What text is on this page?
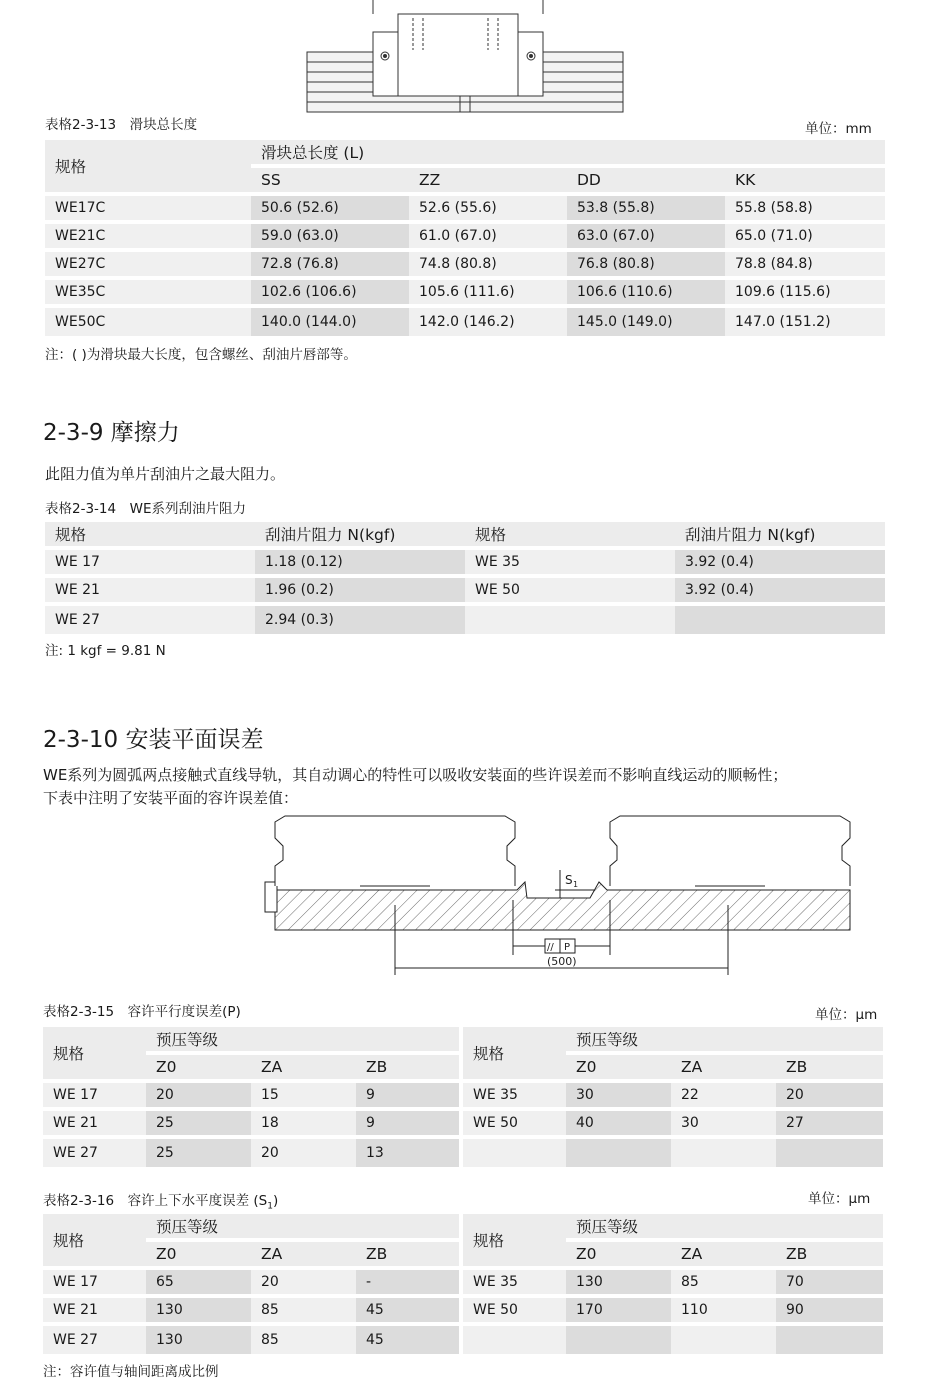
表格2-3-13　滑块总长度	单位：mm
规格	滑块总长度 (L)			
	SS	ZZ	DD	KK
WE17C	50.6 (52.6)	52.6 (55.6)	53.8 (55.8)	55.8 (58.8)
WE21C	59.0 (63.0)	61.0 (67.0)	63.0 (67.0)	65.0 (71.0)
WE27C	72.8 (76.8)	74.8 (80.8)	76.8 (80.8)	78.8 (84.8)
WE35C	102.6 (106.6)	105.6 (111.6)	106.6 (110.6)	109.6 (115.6)
WE50C	140.0 (144.0)	142.0 (146.2)	145.0 (149.0)	147.0 (151.2)
注：( )为滑块最大长度，包含螺丝、刮油片唇部等。
2-3-9 摩擦力
此阻力值为单片刮油片之最大阻力。
表格2-3-14　WE系列刮油片阻力
规格	刮油片阻力 N(kgf)	规格	刮油片阻力 N(kgf)
WE 17	1.18 (0.12)	WE 35	3.92 (0.4)
WE 21	1.96 (0.2)	WE 50	3.92 (0.4)
WE 27	2.94 (0.3)		
注: 1 kgf = 9.81 N
2-3-10 安装平面误差
WE系列为圆弧两点接触式直线导轨，其自动调心的特性可以吸收安装面的些许误差而不影响直线运动的顺畅性；
下表中注明了安装平面的容许误差值：
S 1
// P
(500)
表格2-3-15　容许平行度误差(P)	单位：μm
规格	预压等级				规格	预压等级		
	Z0	ZA	ZB			Z0	ZA	ZB
WE 17	20	15	9		WE 35	30	22	20
WE 21	25	18	9		WE 50	40	30	27
WE 27	25	20	13					
表格2-3-16　容许上下水平度误差 $(S_1)$	单位：μm
规格	预压等级				规格	预压等级		
	Z0	ZA	ZB			Z0	ZA	ZB
WE 17	65	20	-		WE 35	130	85	70
WE 21	130	85	45		WE 50	170	110	90
WE 27	130	85	45					
注：容许值与轴间距离成比例
